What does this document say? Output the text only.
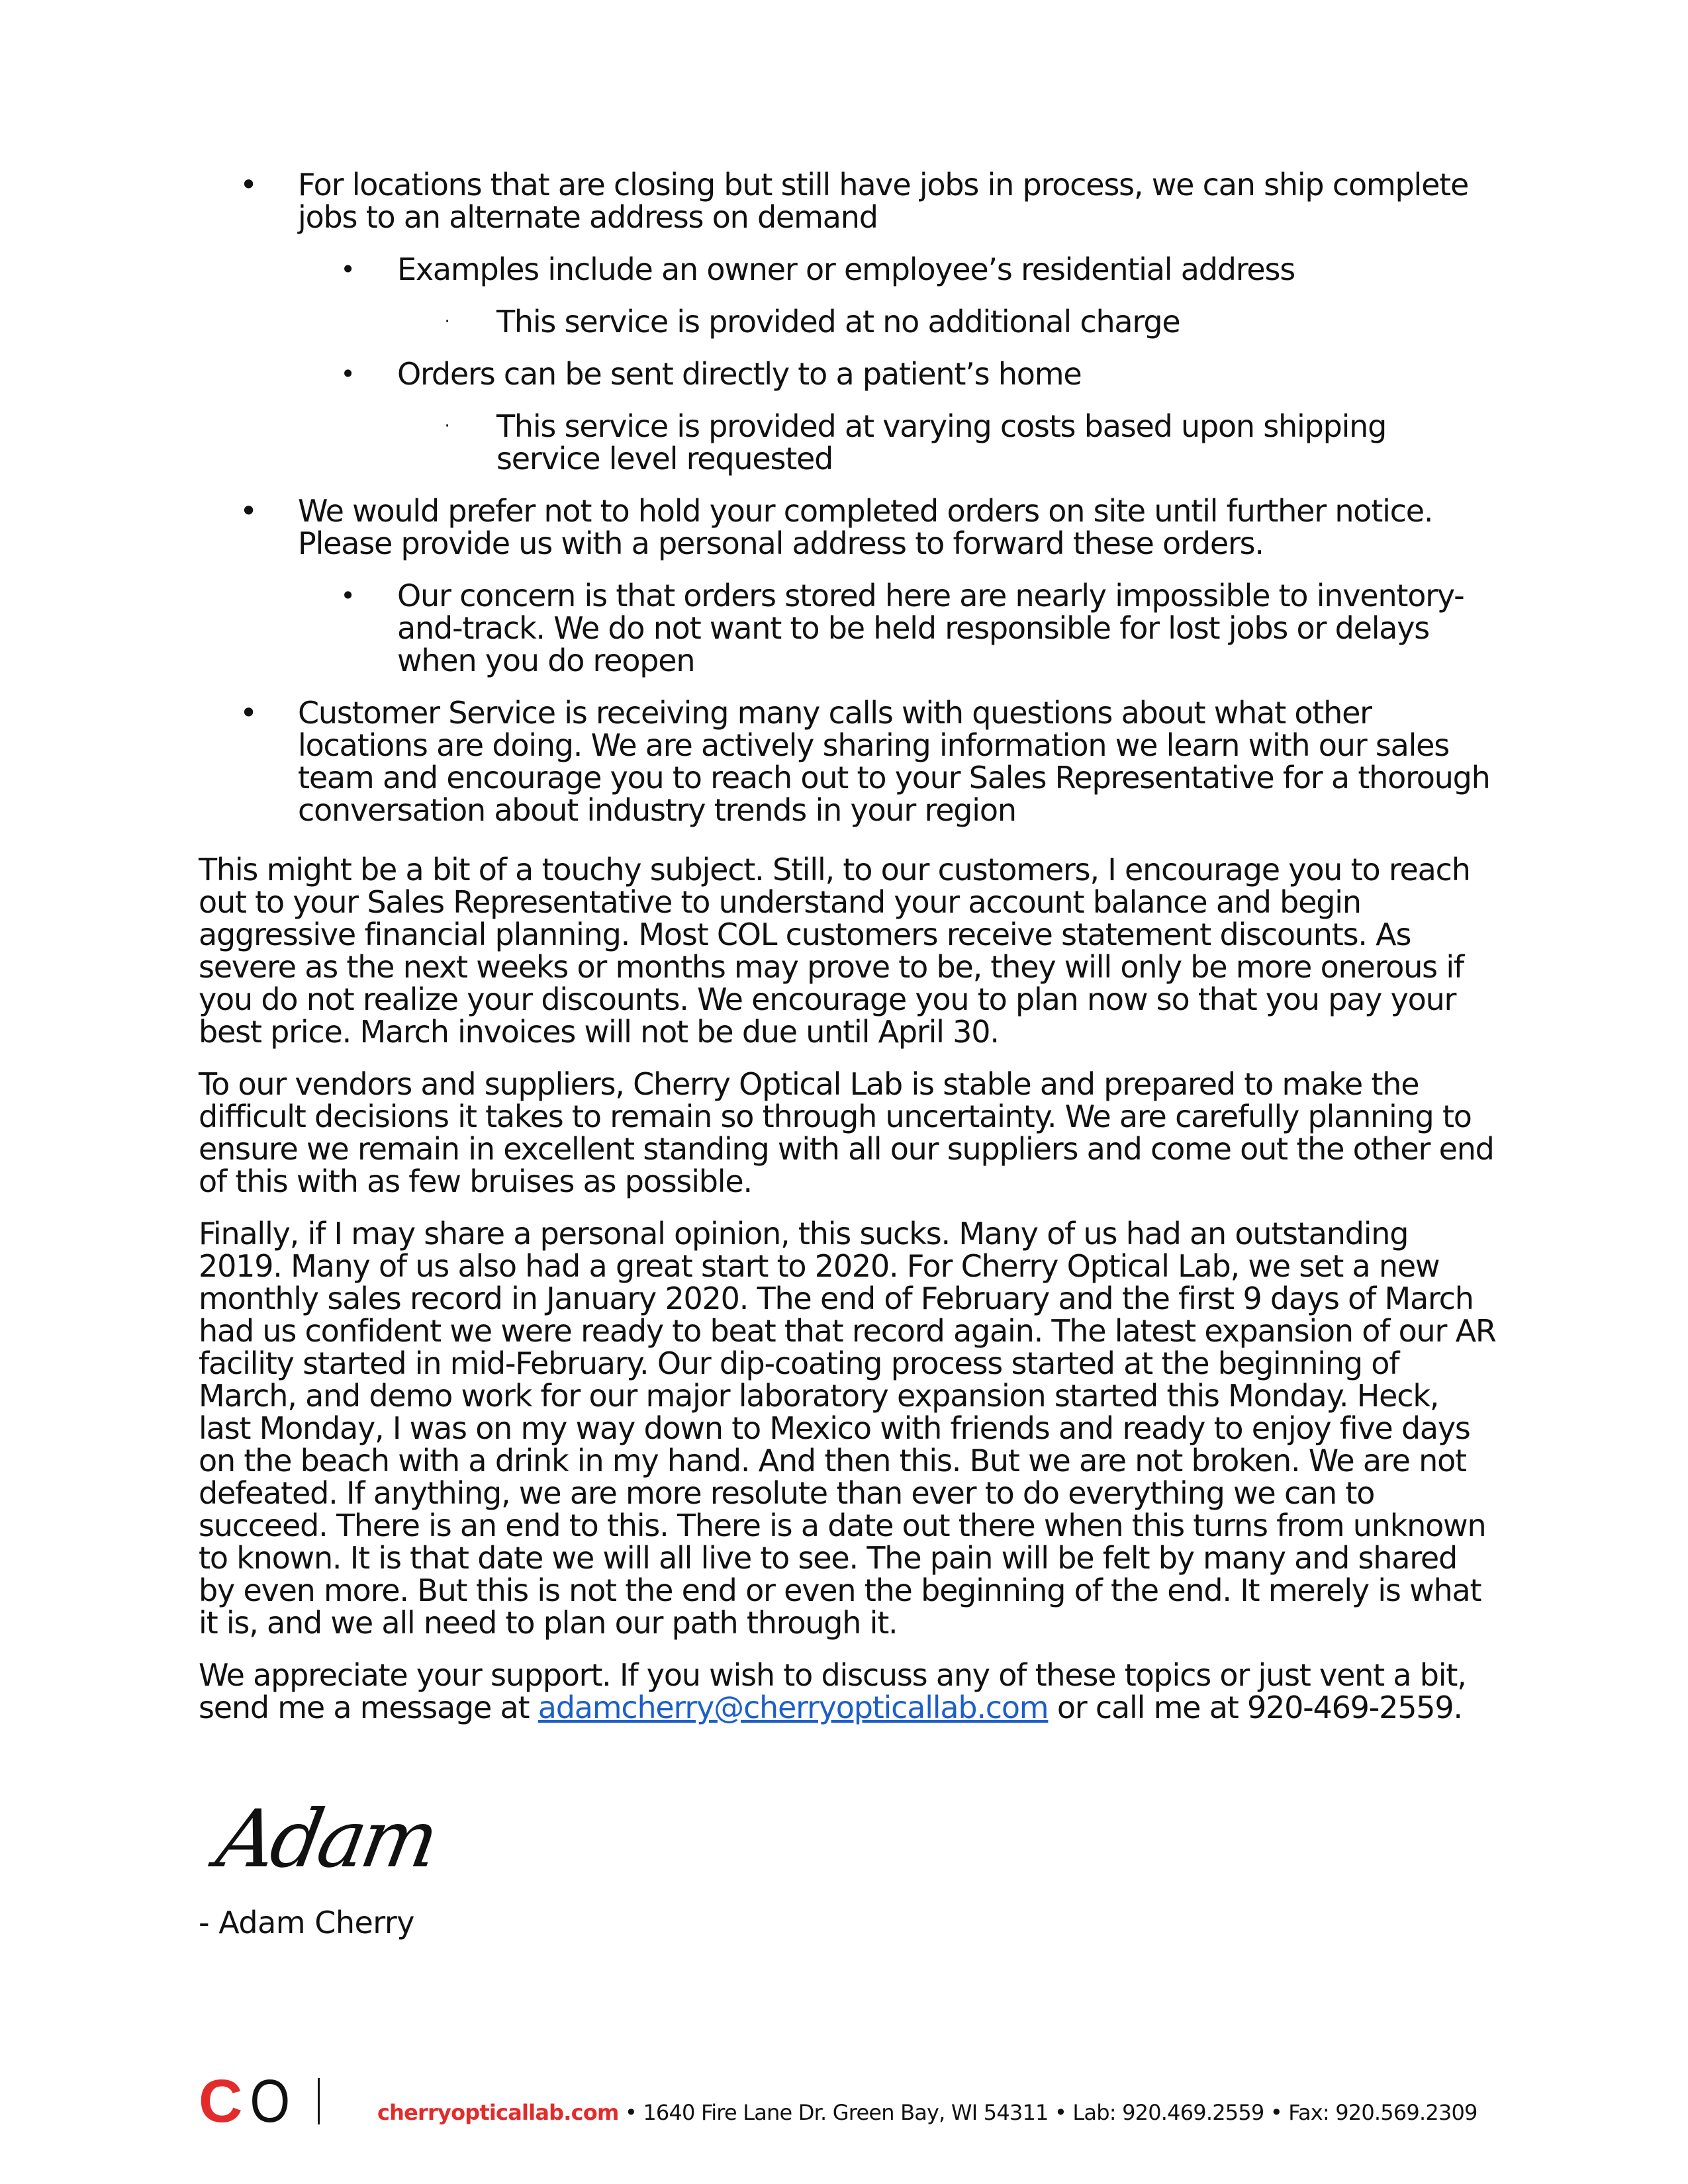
•	For locations that are closing but still have jobs in process, we can ship complete jobs to an alternate address on demand
•	Examples include an owner or employee’s residential address
·	This service is provided at no additional charge
•	Orders can be sent directly to a patient’s home
·	This service is provided at varying costs based upon shipping service level requested
•	We would prefer not to hold your completed orders on site until further notice. Please provide us with a personal address to forward these orders.
•	Our concern is that orders stored here are nearly impossible to inventory-and-track. We do not want to be held responsible for lost jobs or delays when you do reopen
•	Customer Service is receiving many calls with questions about what other locations are doing. We are actively sharing information we learn with our sales team and encourage you to reach out to your Sales Representative for a thorough conversation about industry trends in your region

This might be a bit of a touchy subject. Still, to our customers, I encourage you to reach out to your Sales Representative to understand your account balance and begin aggressive financial planning. Most COL customers receive statement discounts. As severe as the next weeks or months may prove to be, they will only be more onerous if you do not realize your discounts. We encourage you to plan now so that you pay your best price. March invoices will not be due until April 30.

To our vendors and suppliers, Cherry Optical Lab is stable and prepared to make the difficult decisions it takes to remain so through uncertainty. We are carefully planning to ensure we remain in excellent standing with all our suppliers and come out the other end of this with as few bruises as possible.

Finally, if I may share a personal opinion, this sucks. Many of us had an outstanding 2019. Many of us also had a great start to 2020. For Cherry Optical Lab, we set a new monthly sales record in January 2020. The end of February and the first 9 days of March had us confident we were ready to beat that record again. The latest expansion of our AR facility started in mid-February. Our dip-coating process started at the beginning of March, and demo work for our major laboratory expansion started this Monday. Heck, last Monday, I was on my way down to Mexico with friends and ready to enjoy five days on the beach with a drink in my hand. And then this. But we are not broken. We are not defeated. If anything, we are more resolute than ever to do everything we can to succeed. There is an end to this. There is a date out there when this turns from unknown to known. It is that date we will all live to see. The pain will be felt by many and shared by even more. But this is not the end or even the beginning of the end. It merely is what it is, and we all need to plan our path through it.

We appreciate your support. If you wish to discuss any of these topics or just vent a bit, send me a message at adamcherry@cherryopticallab.com or call me at 920-469-2559.

Adam
- Adam Cherry
C O	cherryopticallab.com • 1640 Fire Lane Dr. Green Bay, WI 54311 • Lab: 920.469.2559 • Fax: 920.569.2309
